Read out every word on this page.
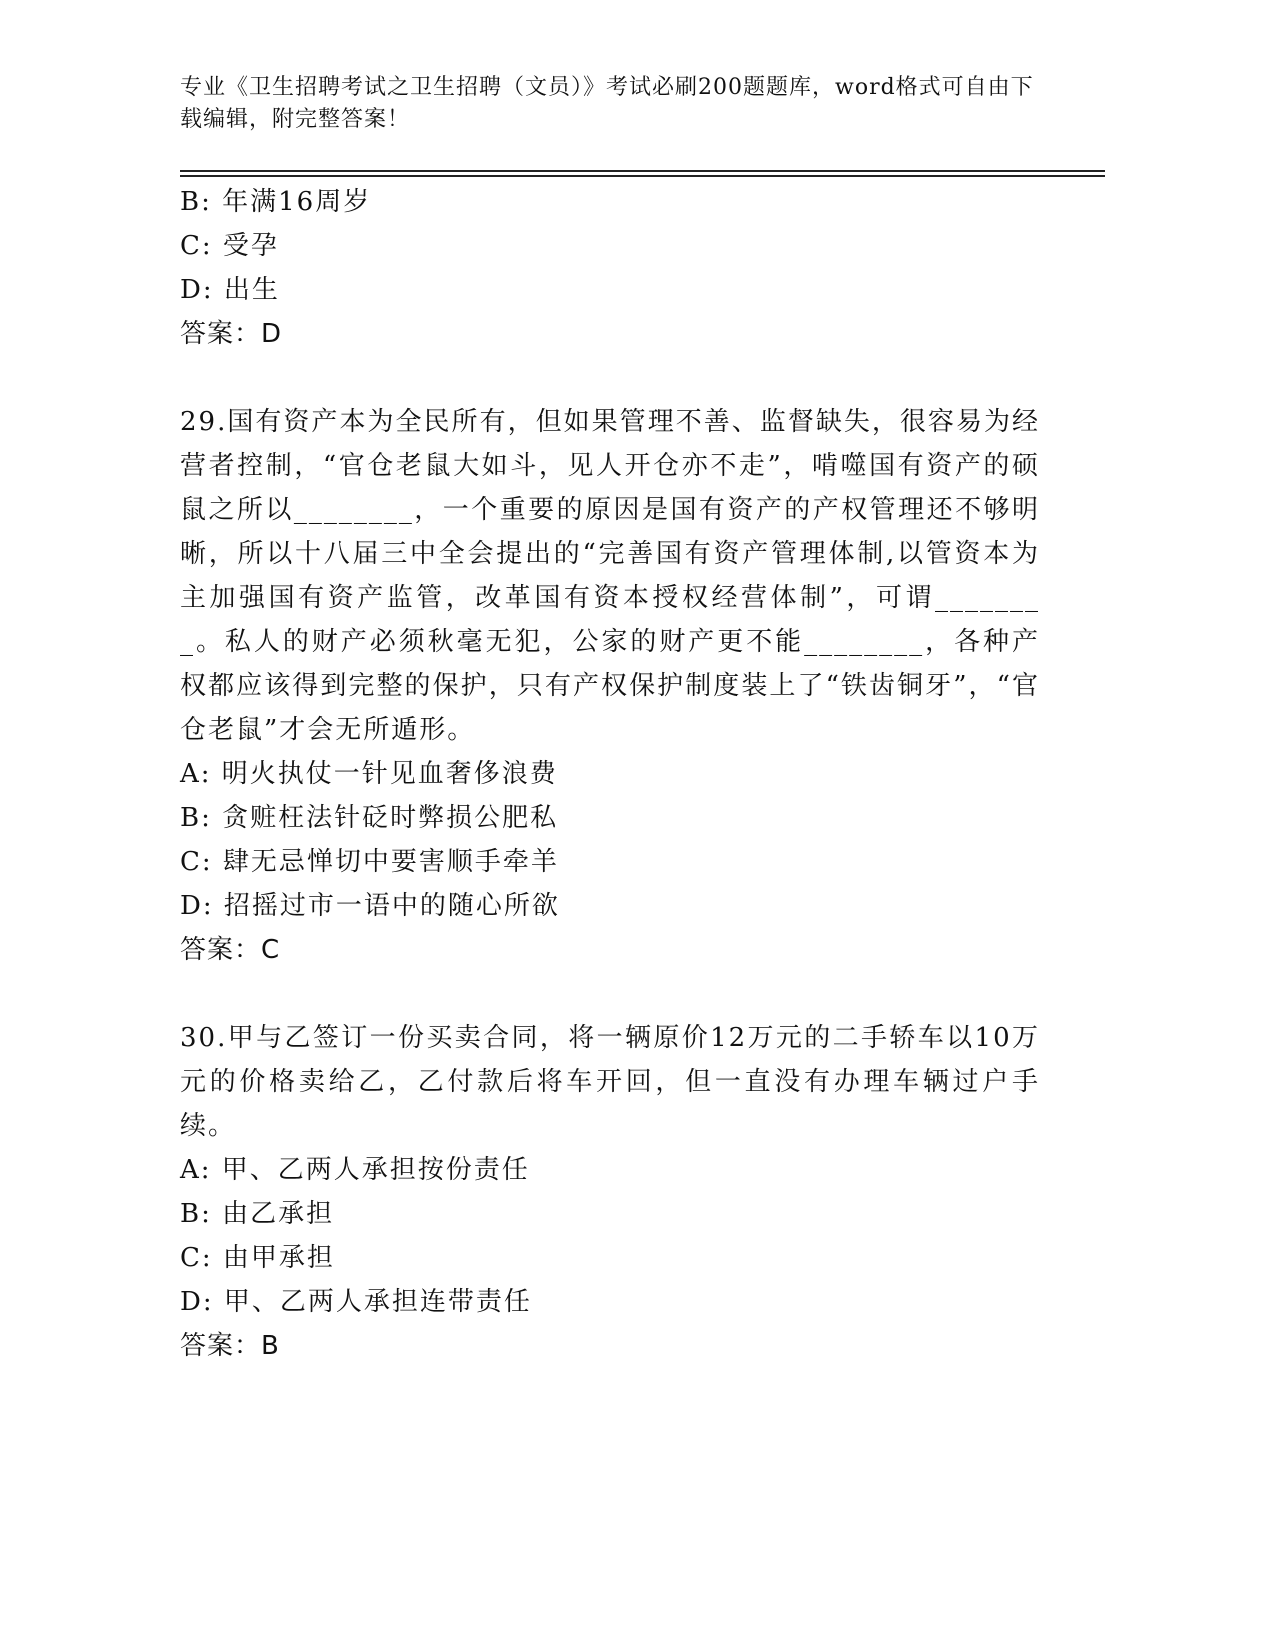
专业《卫生招聘考试之卫生招聘（文员）》考试必刷200题题库，word格式可自由下载编辑，附完整答案！
B: 年满16周岁
C: 受孕
D: 出生
答案：D
29.国有资产本为全民所有，但如果管理不善、监督缺失，很容易为经营者控制，“官仓老鼠大如斗，见人开仓亦不走”，啃噬国有资产的硕鼠之所以________，一个重要的原因是国有资产的产权管理还不够明晰，所以十八届三中全会提出的“完善国有资产管理体制,以管资本为主加强国有资产监管，改革国有资本授权经营体制”，可谓________。私人的财产必须秋毫无犯，公家的财产更不能________，各种产权都应该得到完整的保护，只有产权保护制度装上了“铁齿铜牙”，“官仓老鼠”才会无所遁形。
A: 明火执仗一针见血奢侈浪费
B: 贪赃枉法针砭时弊损公肥私
C: 肆无忌惮切中要害顺手牵羊
D: 招摇过市一语中的随心所欲
答案：C
30.甲与乙签订一份买卖合同，将一辆原价12万元的二手轿车以10万元的价格卖给乙，乙付款后将车开回，但一直没有办理车辆过户手续。
A: 甲、乙两人承担按份责任
B: 由乙承担
C: 由甲承担
D: 甲、乙两人承担连带责任
答案：B
